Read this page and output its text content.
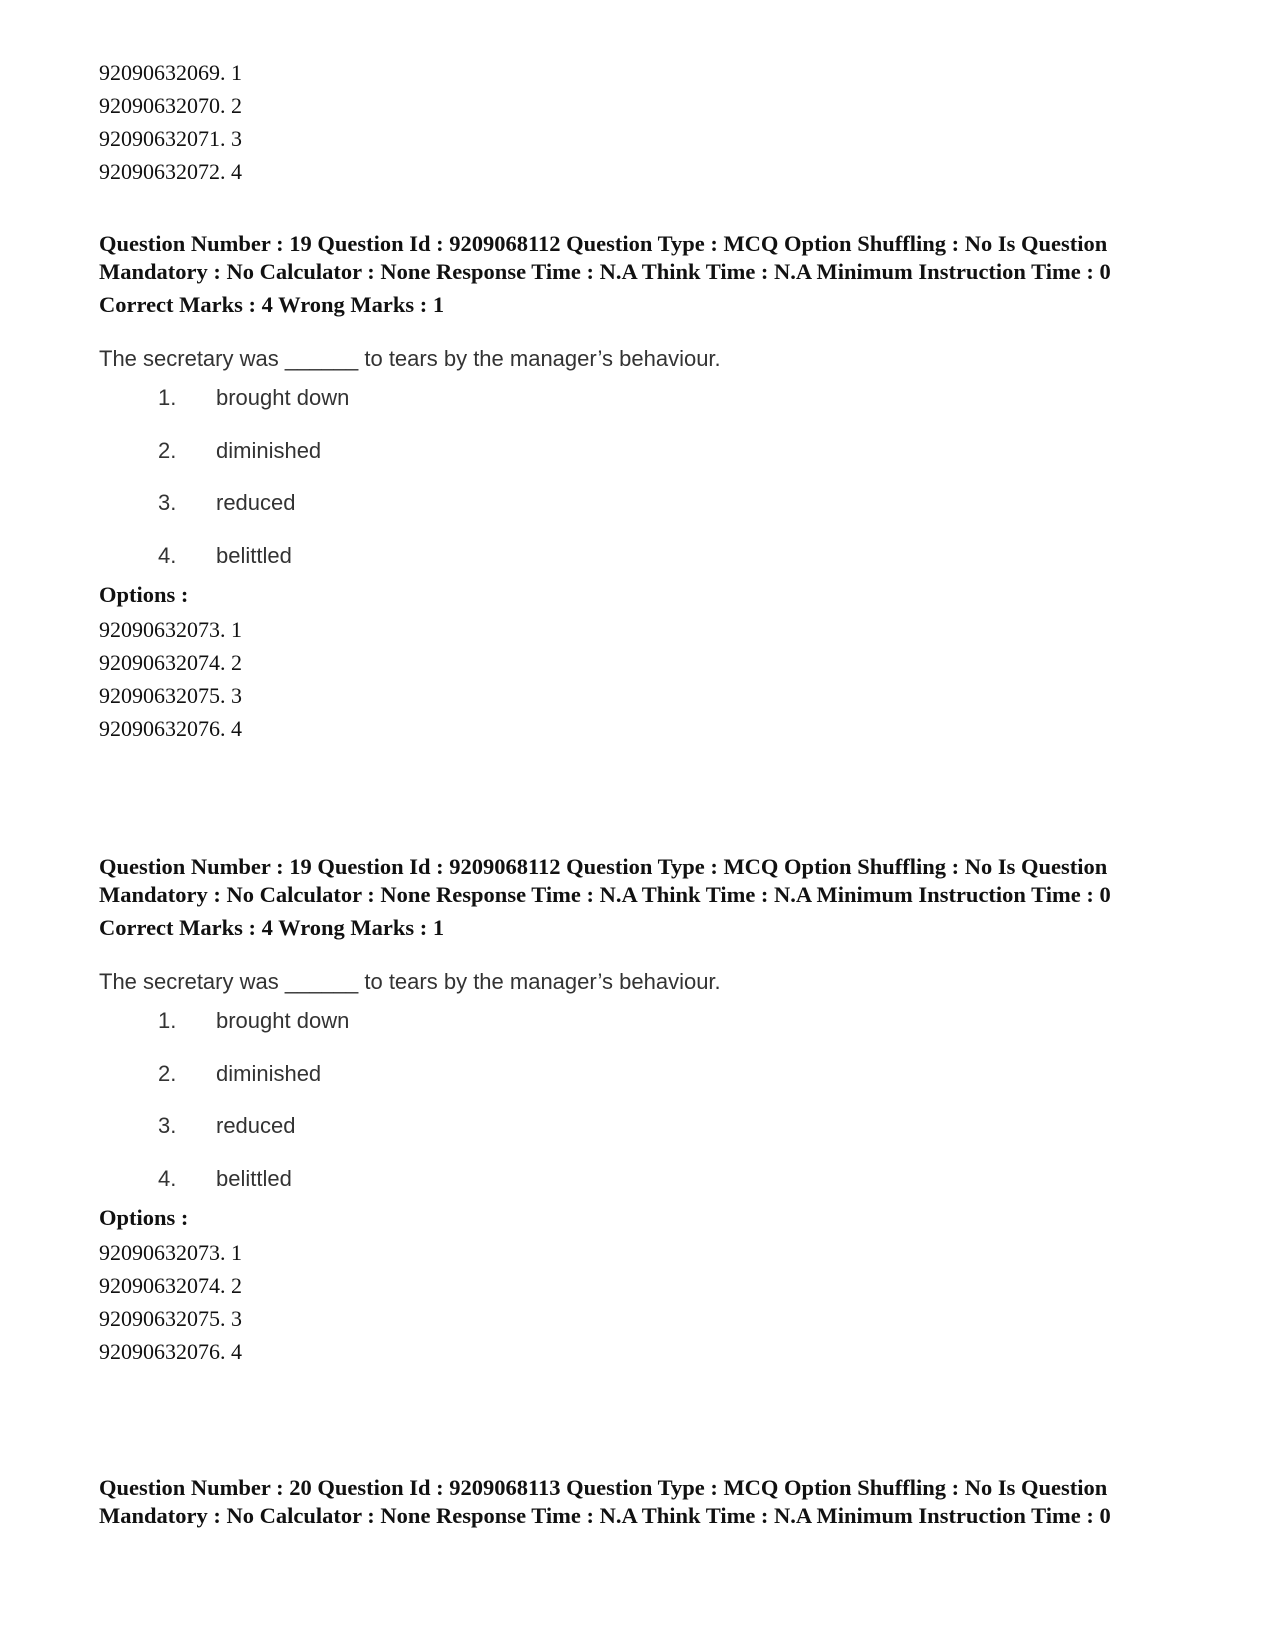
92090632069. 1
92090632070. 2
92090632071. 3
92090632072. 4
Question Number : 19 Question Id : 9209068112 Question Type : MCQ Option Shuffling : No Is Question Mandatory : No Calculator : None Response Time : N.A Think Time : N.A Minimum Instruction Time : 0
Correct Marks : 4 Wrong Marks : 1
The secretary was ______ to tears by the manager’s behaviour.
1.	brought down
2.	diminished
3.	reduced
4.	belittled
Options :
92090632073. 1
92090632074. 2
92090632075. 3
92090632076. 4
Question Number : 19 Question Id : 9209068112 Question Type : MCQ Option Shuffling : No Is Question Mandatory : No Calculator : None Response Time : N.A Think Time : N.A Minimum Instruction Time : 0
Correct Marks : 4 Wrong Marks : 1
The secretary was ______ to tears by the manager’s behaviour.
1.	brought down
2.	diminished
3.	reduced
4.	belittled
Options :
92090632073. 1
92090632074. 2
92090632075. 3
92090632076. 4
Question Number : 20 Question Id : 9209068113 Question Type : MCQ Option Shuffling : No Is Question Mandatory : No Calculator : None Response Time : N.A Think Time : N.A Minimum Instruction Time : 0
